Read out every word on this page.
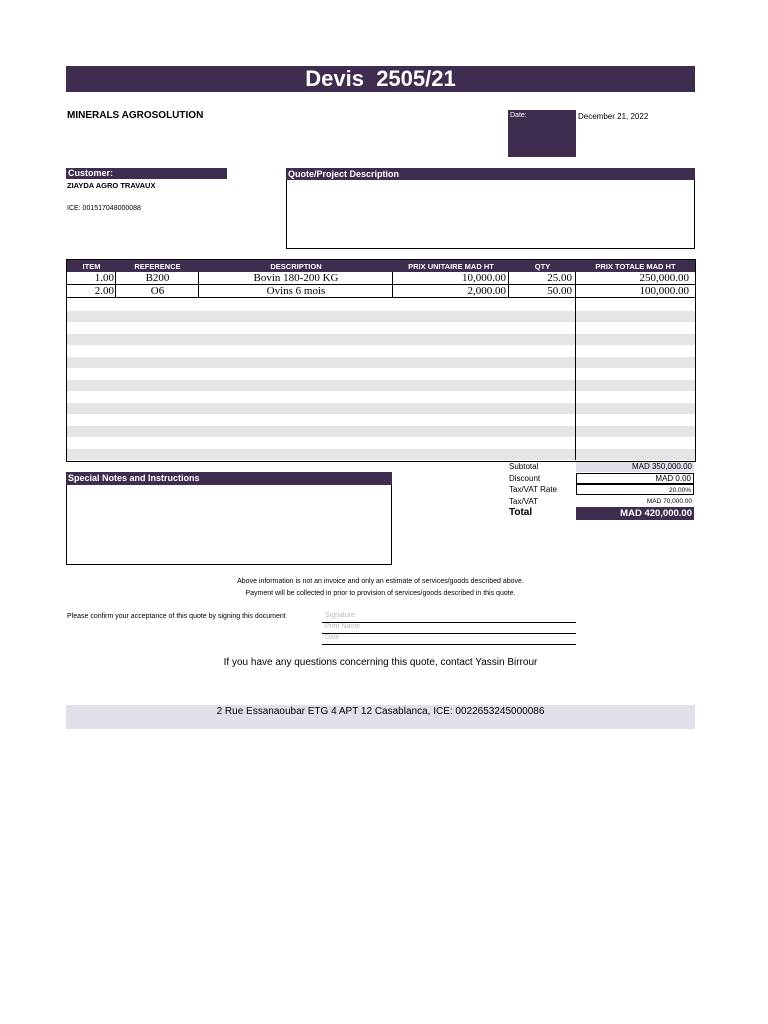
Devis  2505/21
MINERALS AGROSOLUTION	Date:	December 21, 2022
Customer:
ZIAYDA AGRO TRAVAUX
ICE: 001517048000088
Quote/Project Description
ITEM	REFERENCE	DESCRIPTION	PRIX UNITAIRE MAD HT	QTY	PRIX TOTALE MAD HT
1.00	B200	Bovin 180-200 KG	10,000.00	25.00	250,000.00
2.00	O6	Ovins 6 mois	2,000.00	50.00	100,000.00
Subtotal	MAD 350,000.00
Discount	MAD 0.00
Tax/VAT Rate	20.00%
Tax/VAT	MAD 70,000.00
Total	MAD 420,000.00
Special Notes and Instructions
Above information is not an invoice and only an estimate of services/goods described above.
Payment will be collected in prior to provision of services/goods described in this quote.
Please confirm your acceptance of this quote by signing this document	Signature
Print Name
Date
If you have any questions concerning this quote, contact Yassin Birrour
2 Rue Essanaoubar ETG 4 APT 12 Casablanca, ICE: 0022653245000086
